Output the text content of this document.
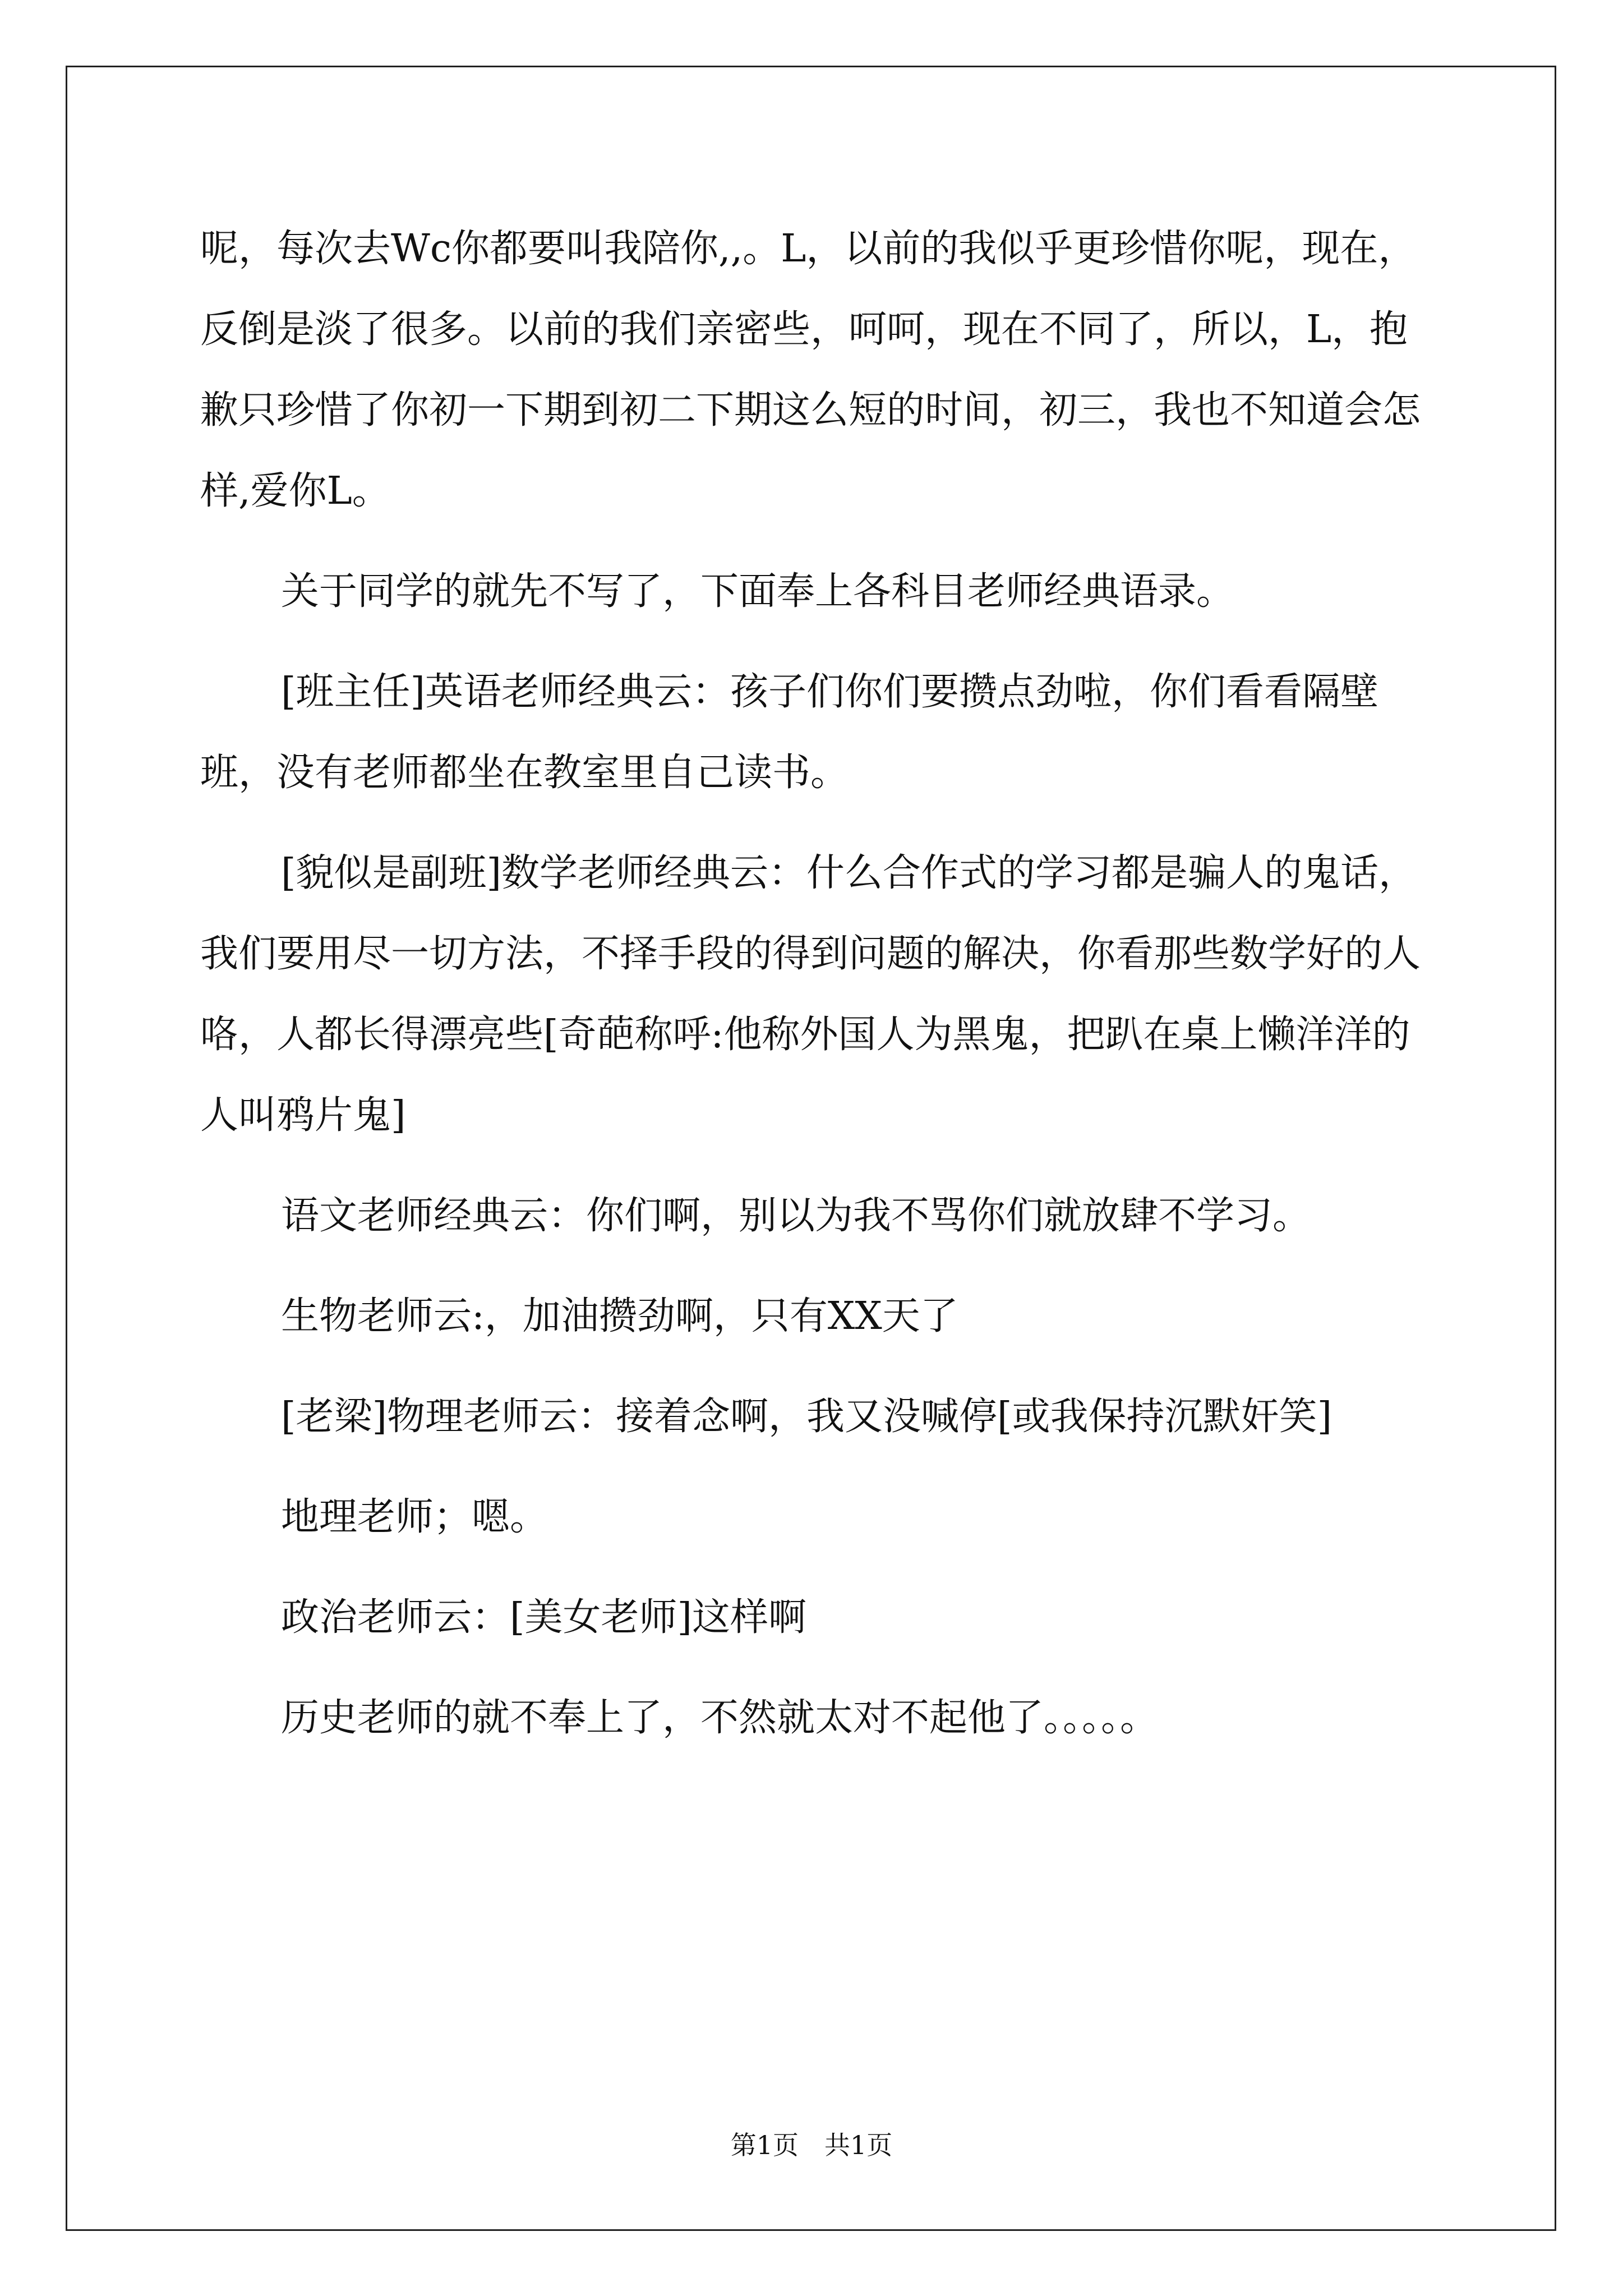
呢，每次去Wc你都要叫我陪你,,。L，以前的我似乎更珍惜你呢，现在，反倒是淡了很多。以前的我们亲密些，呵呵，现在不同了，所以，L，抱歉只珍惜了你初一下期到初二下期这么短的时间，初三，我也不知道会怎样,爱你L。

关于同学的就先不写了，下面奉上各科目老师经典语录。

[班主任]英语老师经典云：孩子们你们要攒点劲啦，你们看看隔壁班，没有老师都坐在教室里自己读书。

[貌似是副班]数学老师经典云：什么合作式的学习都是骗人的鬼话，我们要用尽一切方法，不择手段的得到问题的解决，你看那些数学好的人咯，人都长得漂亮些[奇葩称呼:他称外国人为黑鬼，把趴在桌上懒洋洋的人叫鸦片鬼]

语文老师经典云：你们啊，别以为我不骂你们就放肆不学习。

生物老师云:，加油攒劲啊，只有XX天了

[老梁]物理老师云：接着念啊，我又没喊停[或我保持沉默奸笑]

地理老师；嗯。

政治老师云：[美女老师]这样啊

历史老师的就不奉上了，不然就太对不起他了。。。。。

第1页　共1页
